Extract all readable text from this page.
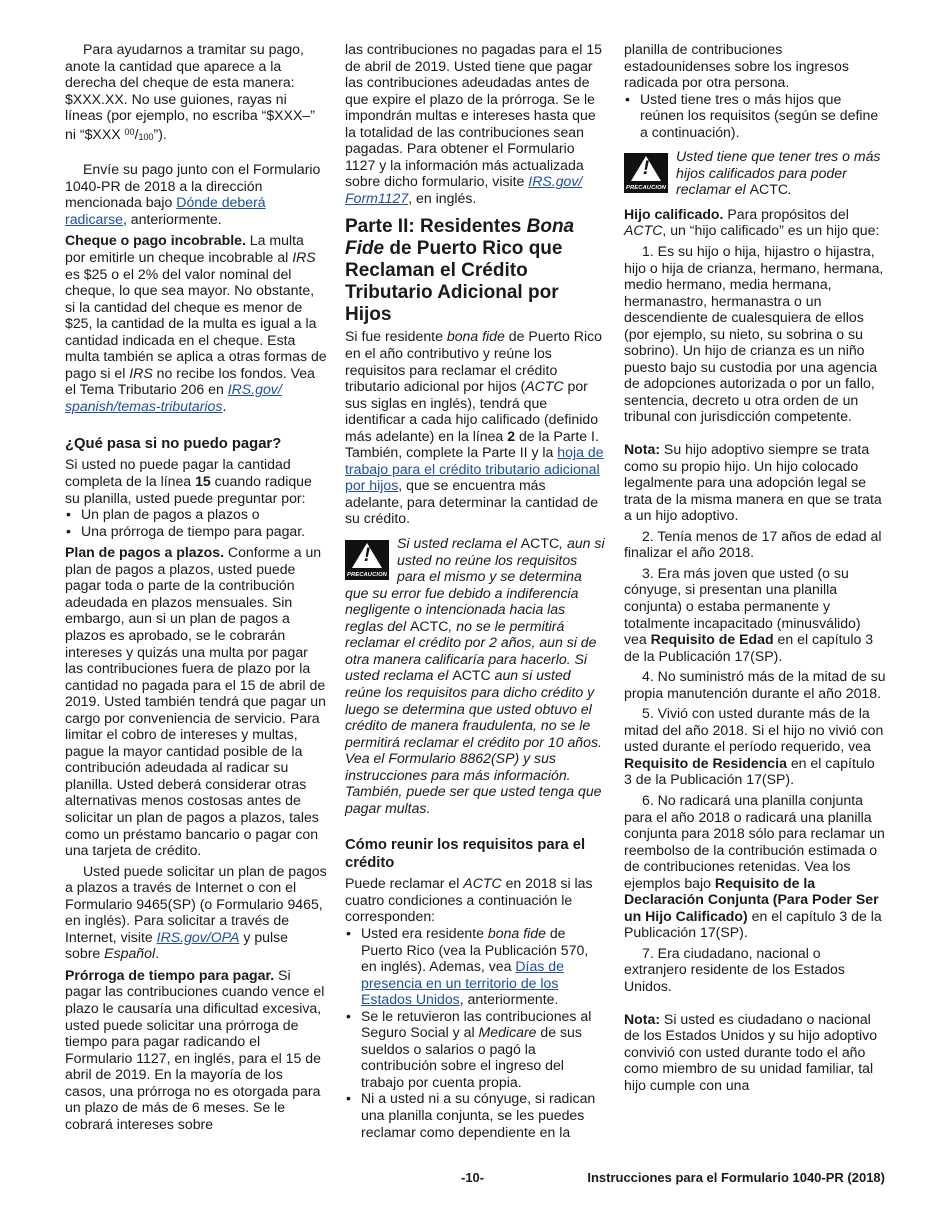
Para ayudarnos a tramitar su pago, anote la cantidad que aparece a la derecha del cheque de esta manera: $XXX.XX. No use guiones, rayas ni líneas (por ejemplo, no escriba “$XXX–” ni “$XXX $^{00}$/100”).

Envíe su pago junto con el Formulario 1040-PR de 2018 a la dirección mencionada bajo Dónde deberá radicarse, anteriormente.

Cheque o pago incobrable. La multa por emitirle un cheque incobrable al IRS es $25 o el 2% del valor nominal del cheque, lo que sea mayor. No obstante, si la cantidad del cheque es menor de $25, la cantidad de la multa es igual a la cantidad indicada en el cheque. Esta multa también se aplica a otras formas de pago si el IRS no recibe los fondos. Vea el Tema Tributario 206 en IRS.gov/ spanish/temas-tributarios.

¿Qué pasa si no puedo pagar?

Si usted no puede pagar la cantidad completa de la línea 15 cuando radique su planilla, usted puede preguntar por:

• Un plan de pagos a plazos o

• Una prórroga de tiempo para pagar.

Plan de pagos a plazos. Conforme a un plan de pagos a plazos, usted puede pagar toda o parte de la contribución adeudada en plazos mensuales. Sin embargo, aun si un plan de pagos a plazos es aprobado, se le cobrarán intereses y quizás una multa por pagar las contribuciones fuera de plazo por la cantidad no pagada para el 15 de abril de 2019. Usted también tendrá que pagar un cargo por conveniencia de servicio. Para limitar el cobro de intereses y multas, pague la mayor cantidad posible de la contribución adeudada al radicar su planilla. Usted deberá considerar otras alternativas menos costosas antes de solicitar un plan de pagos a plazos, tales como un préstamo bancario o pagar con una tarjeta de crédito.

Usted puede solicitar un plan de pagos a plazos a través de Internet o con el Formulario 9465(SP) (o Formulario 9465, en inglés). Para solicitar a través de Internet, visite IRS.gov/OPA y pulse sobre Español.

Prórroga de tiempo para pagar. Si pagar las contribuciones cuando vence el plazo le causaría una dificultad excesiva, usted puede solicitar una prórroga de tiempo para pagar radicando el Formulario 1127, en inglés, para el 15 de abril de 2019. En la mayoría de los casos, una prórroga no es otorgada para un plazo de más de 6 meses. Se le cobrará intereses sobre

las contribuciones no pagadas para el 15 de abril de 2019. Usted tiene que pagar las contribuciones adeudadas antes de que expire el plazo de la prórroga. Se le impondrán multas e intereses hasta que la totalidad de las contribuciones sean pagadas. Para obtener el Formulario 1127 y la información más actualizada sobre dicho formulario, visite IRS.gov/ Form1127, en inglés.

Parte II: Residentes Bona Fide de Puerto Rico que Reclaman el Crédito Tributario Adicional por Hijos

Si fue residente bona fide de Puerto Rico en el año contributivo y reúne los requisitos para reclamar el crédito tributario adicional por hijos (ACTC por sus siglas en inglés), tendrá que identificar a cada hijo calificado (definido más adelante) en la línea 2 de la Parte I. También, complete la Parte II y la hoja de trabajo para el crédito tributario adicional por hijos, que se encuentra más adelante, para determinar la cantidad de su crédito.

!
PRECAUCION
Si usted reclama el ACTC, aun si usted no reúne los requisitos para el mismo y se determina que su error fue debido a indiferencia negligente o intencionada hacia las reglas del ACTC, no se le permitirá reclamar el crédito por 2 años, aun si de otra manera calificaría para hacerlo. Si usted reclama el ACTC aun si usted reúne los requisitos para dicho crédito y luego se determina que usted obtuvo el crédito de manera fraudulenta, no se le permitirá reclamar el crédito por 10 años. Vea el Formulario 8862(SP) y sus instrucciones para más información. También, puede ser que usted tenga que pagar multas.
Cómo reunir los requisitos para el crédito

Puede reclamar el ACTC en 2018 si las cuatro condiciones a continuación le corresponden:

• Usted era residente bona fide de Puerto Rico (vea la Publicación 570, en inglés). Ademas, vea Días de presencia en un territorio de los Estados Unidos, anteriormente.

• Se le retuvieron las contribuciones al Seguro Social y al Medicare de sus sueldos o salarios o pagó la contribución sobre el ingreso del trabajo por cuenta propia.

• Ni a usted ni a su cónyuge, si radican una planilla conjunta, se les puedes reclamar como dependiente en la

planilla de contribuciones estadounidenses sobre los ingresos radicada por otra persona.

• Usted tiene tres o más hijos que reúnen los requisitos (según se define a continuación).

!
PRECAUCION
Usted tiene que tener tres o más hijos calificados para poder reclamar el ACTC.

Hijo calificado. Para propósitos del ACTC, un “hijo calificado” es un hijo que:

1. Es su hijo o hija, hijastro o hijastra, hijo o hija de crianza, hermano, hermana, medio hermano, media hermana, hermanastro, hermanastra o un descendiente de cualesquiera de ellos (por ejemplo, su nieto, su sobrina o su sobrino). Un hijo de crianza es un niño puesto bajo su custodia por una agencia de adopciones autorizada o por un fallo, sentencia, decreto u otra orden de un tribunal con jurisdicción competente.

Nota: Su hijo adoptivo siempre se trata como su propio hijo. Un hijo colocado legalmente para una adopción legal se trata de la misma manera en que se trata a un hijo adoptivo.

2. Tenía menos de 17 años de edad al finalizar el año 2018.

3. Era más joven que usted (o su cónyuge, si presentan una planilla conjunta) o estaba permanente y totalmente incapacitado (minusválido) vea Requisito de Edad en el capítulo 3 de la Publicación 17(SP).

4. No suministró más de la mitad de su propia manutención durante el año 2018.

5. Vivió con usted durante más de la mitad del año 2018. Si el hijo no vivió con usted durante el período requerido, vea Requisito de Residencia en el capítulo 3 de la Publicación 17(SP).

6. No radicará una planilla conjunta para el año 2018 o radicará una planilla conjunta para 2018 sólo para reclamar un reembolso de la contribución estimada o de contribuciones retenidas. Vea los ejemplos bajo Requisito de la Declaración Conjunta (Para Poder Ser un Hijo Calificado) en el capítulo 3 de la Publicación 17(SP).

7. Era ciudadano, nacional o extranjero residente de los Estados Unidos.

Nota: Si usted es ciudadano o nacional de los Estados Unidos y su hijo adoptivo convivió con usted durante todo el año como miembro de su unidad familiar, tal hijo cumple con una

-10-	Instrucciones para el Formulario 1040-PR (2018)
